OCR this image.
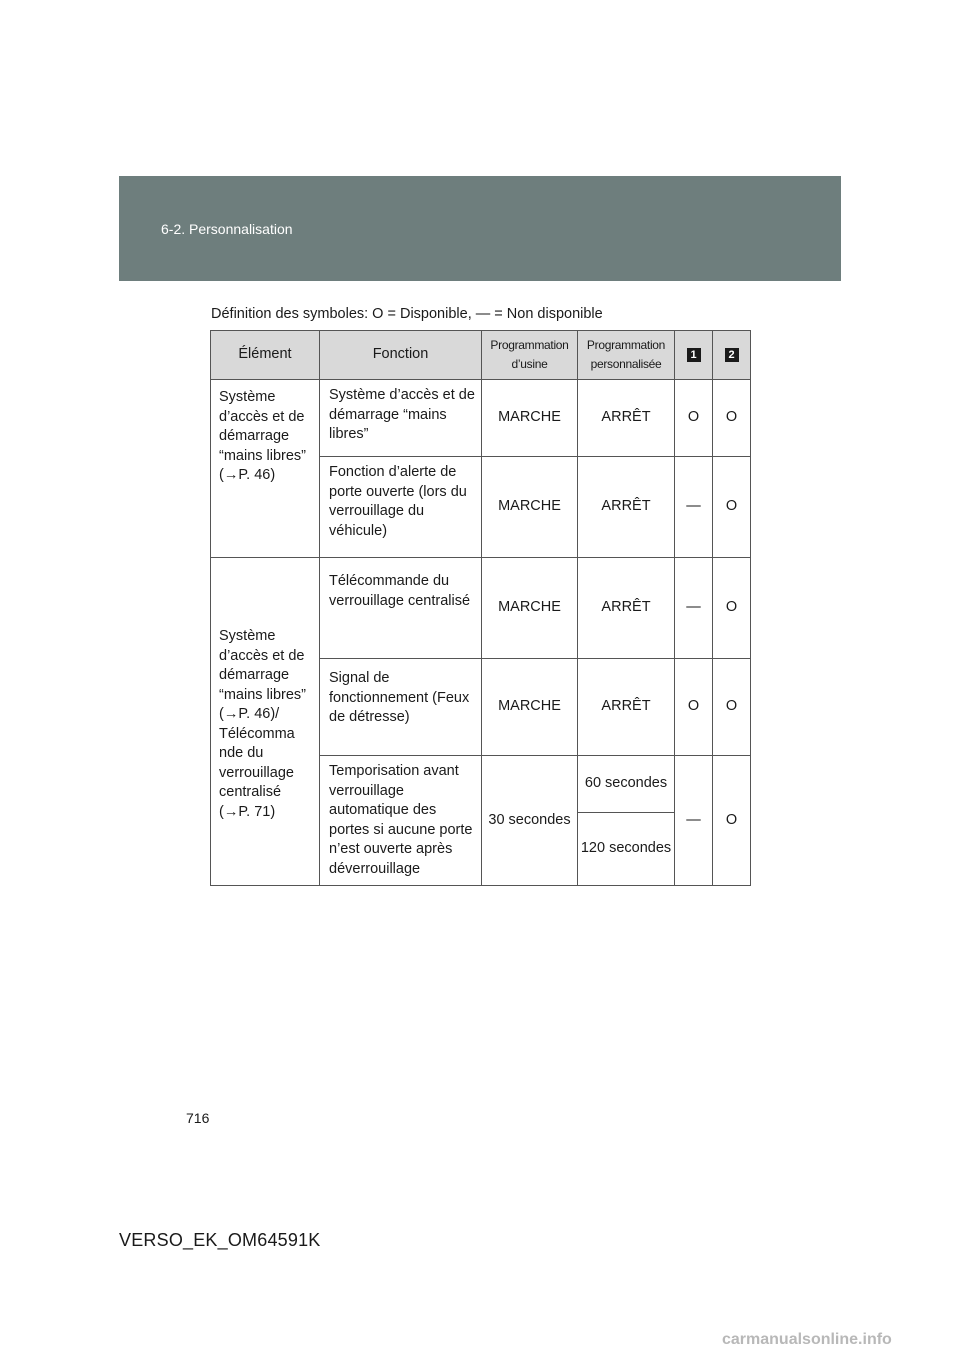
6-2. Personnalisation
Définition des symboles: O = Disponible, — = Non disponible
Élément	Fonction	Programmation d’usine	Programmation personnalisée	1	2
Système d’accès et de démarrage “mains libres” (→P. 46)	Système d’accès et de démarrage “mains libres”	MARCHE	ARRÊT	O	O
	Fonction d’alerte de porte ouverte (lors du verrouillage du véhicule)	MARCHE	ARRÊT	—	O
Système d’accès et de démarrage “mains libres” (→P. 46)/ Télécomma nde du verrouillage centralisé (→P. 71)	Télécommande du verrouillage centralisé	MARCHE	ARRÊT	—	O
	Signal de fonctionnement (Feux de détresse)	MARCHE	ARRÊT	O	O
	Temporisation avant verrouillage automatique des portes si aucune porte n’est ouverte après déverrouillage	30 secondes	60 secondes	—	O
			120 secondes		
716
VERSO_EK_OM64591K
carmanualsonline.info
